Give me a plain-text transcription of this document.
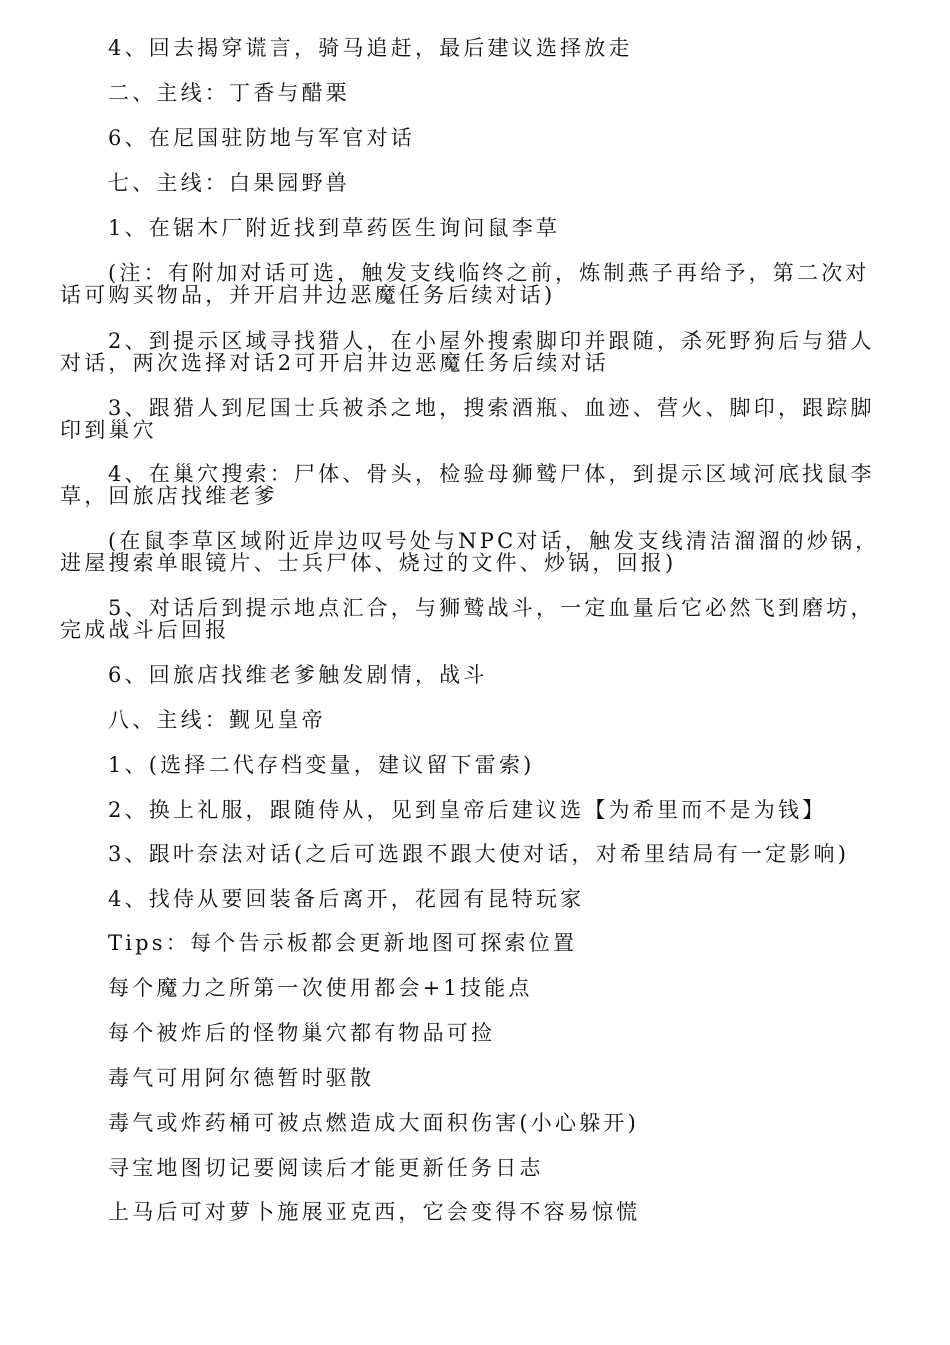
4、回去揭穿谎言，骑马追赶，最后建议选择放走

二、主线：丁香与醋栗

6、在尼国驻防地与军官对话

七、主线：白果园野兽

1、在锯木厂附近找到草药医生询问鼠李草

(注：有附加对话可选，触发支线临终之前，炼制燕子再给予，第二次对话可购买物品，并开启井边恶魔任务后续对话)

2、到提示区域寻找猎人，在小屋外搜索脚印并跟随，杀死野狗后与猎人对话，两次选择对话2可开启井边恶魔任务后续对话

3、跟猎人到尼国士兵被杀之地，搜索酒瓶、血迹、营火、脚印，跟踪脚印到巢穴

4、在巢穴搜索：尸体、骨头，检验母狮鹫尸体，到提示区域河底找鼠李草，回旅店找维老爹

(在鼠李草区域附近岸边叹号处与NPC对话，触发支线清洁溜溜的炒锅，进屋搜索单眼镜片、士兵尸体、烧过的文件、炒锅，回报)

5、对话后到提示地点汇合，与狮鹫战斗，一定血量后它必然飞到磨坊，完成战斗后回报

6、回旅店找维老爹触发剧情，战斗

八、主线：觐见皇帝

1、(选择二代存档变量，建议留下雷索)

2、换上礼服，跟随侍从，见到皇帝后建议选【为希里而不是为钱】

3、跟叶奈法对话(之后可选跟不跟大使对话，对希里结局有一定影响)

4、找侍从要回装备后离开，花园有昆特玩家

Tips：每个告示板都会更新地图可探索位置

每个魔力之所第一次使用都会+1技能点

每个被炸后的怪物巢穴都有物品可捡

毒气可用阿尔德暂时驱散

毒气或炸药桶可被点燃造成大面积伤害(小心躲开)

寻宝地图切记要阅读后才能更新任务日志

上马后可对萝卜施展亚克西，它会变得不容易惊慌
